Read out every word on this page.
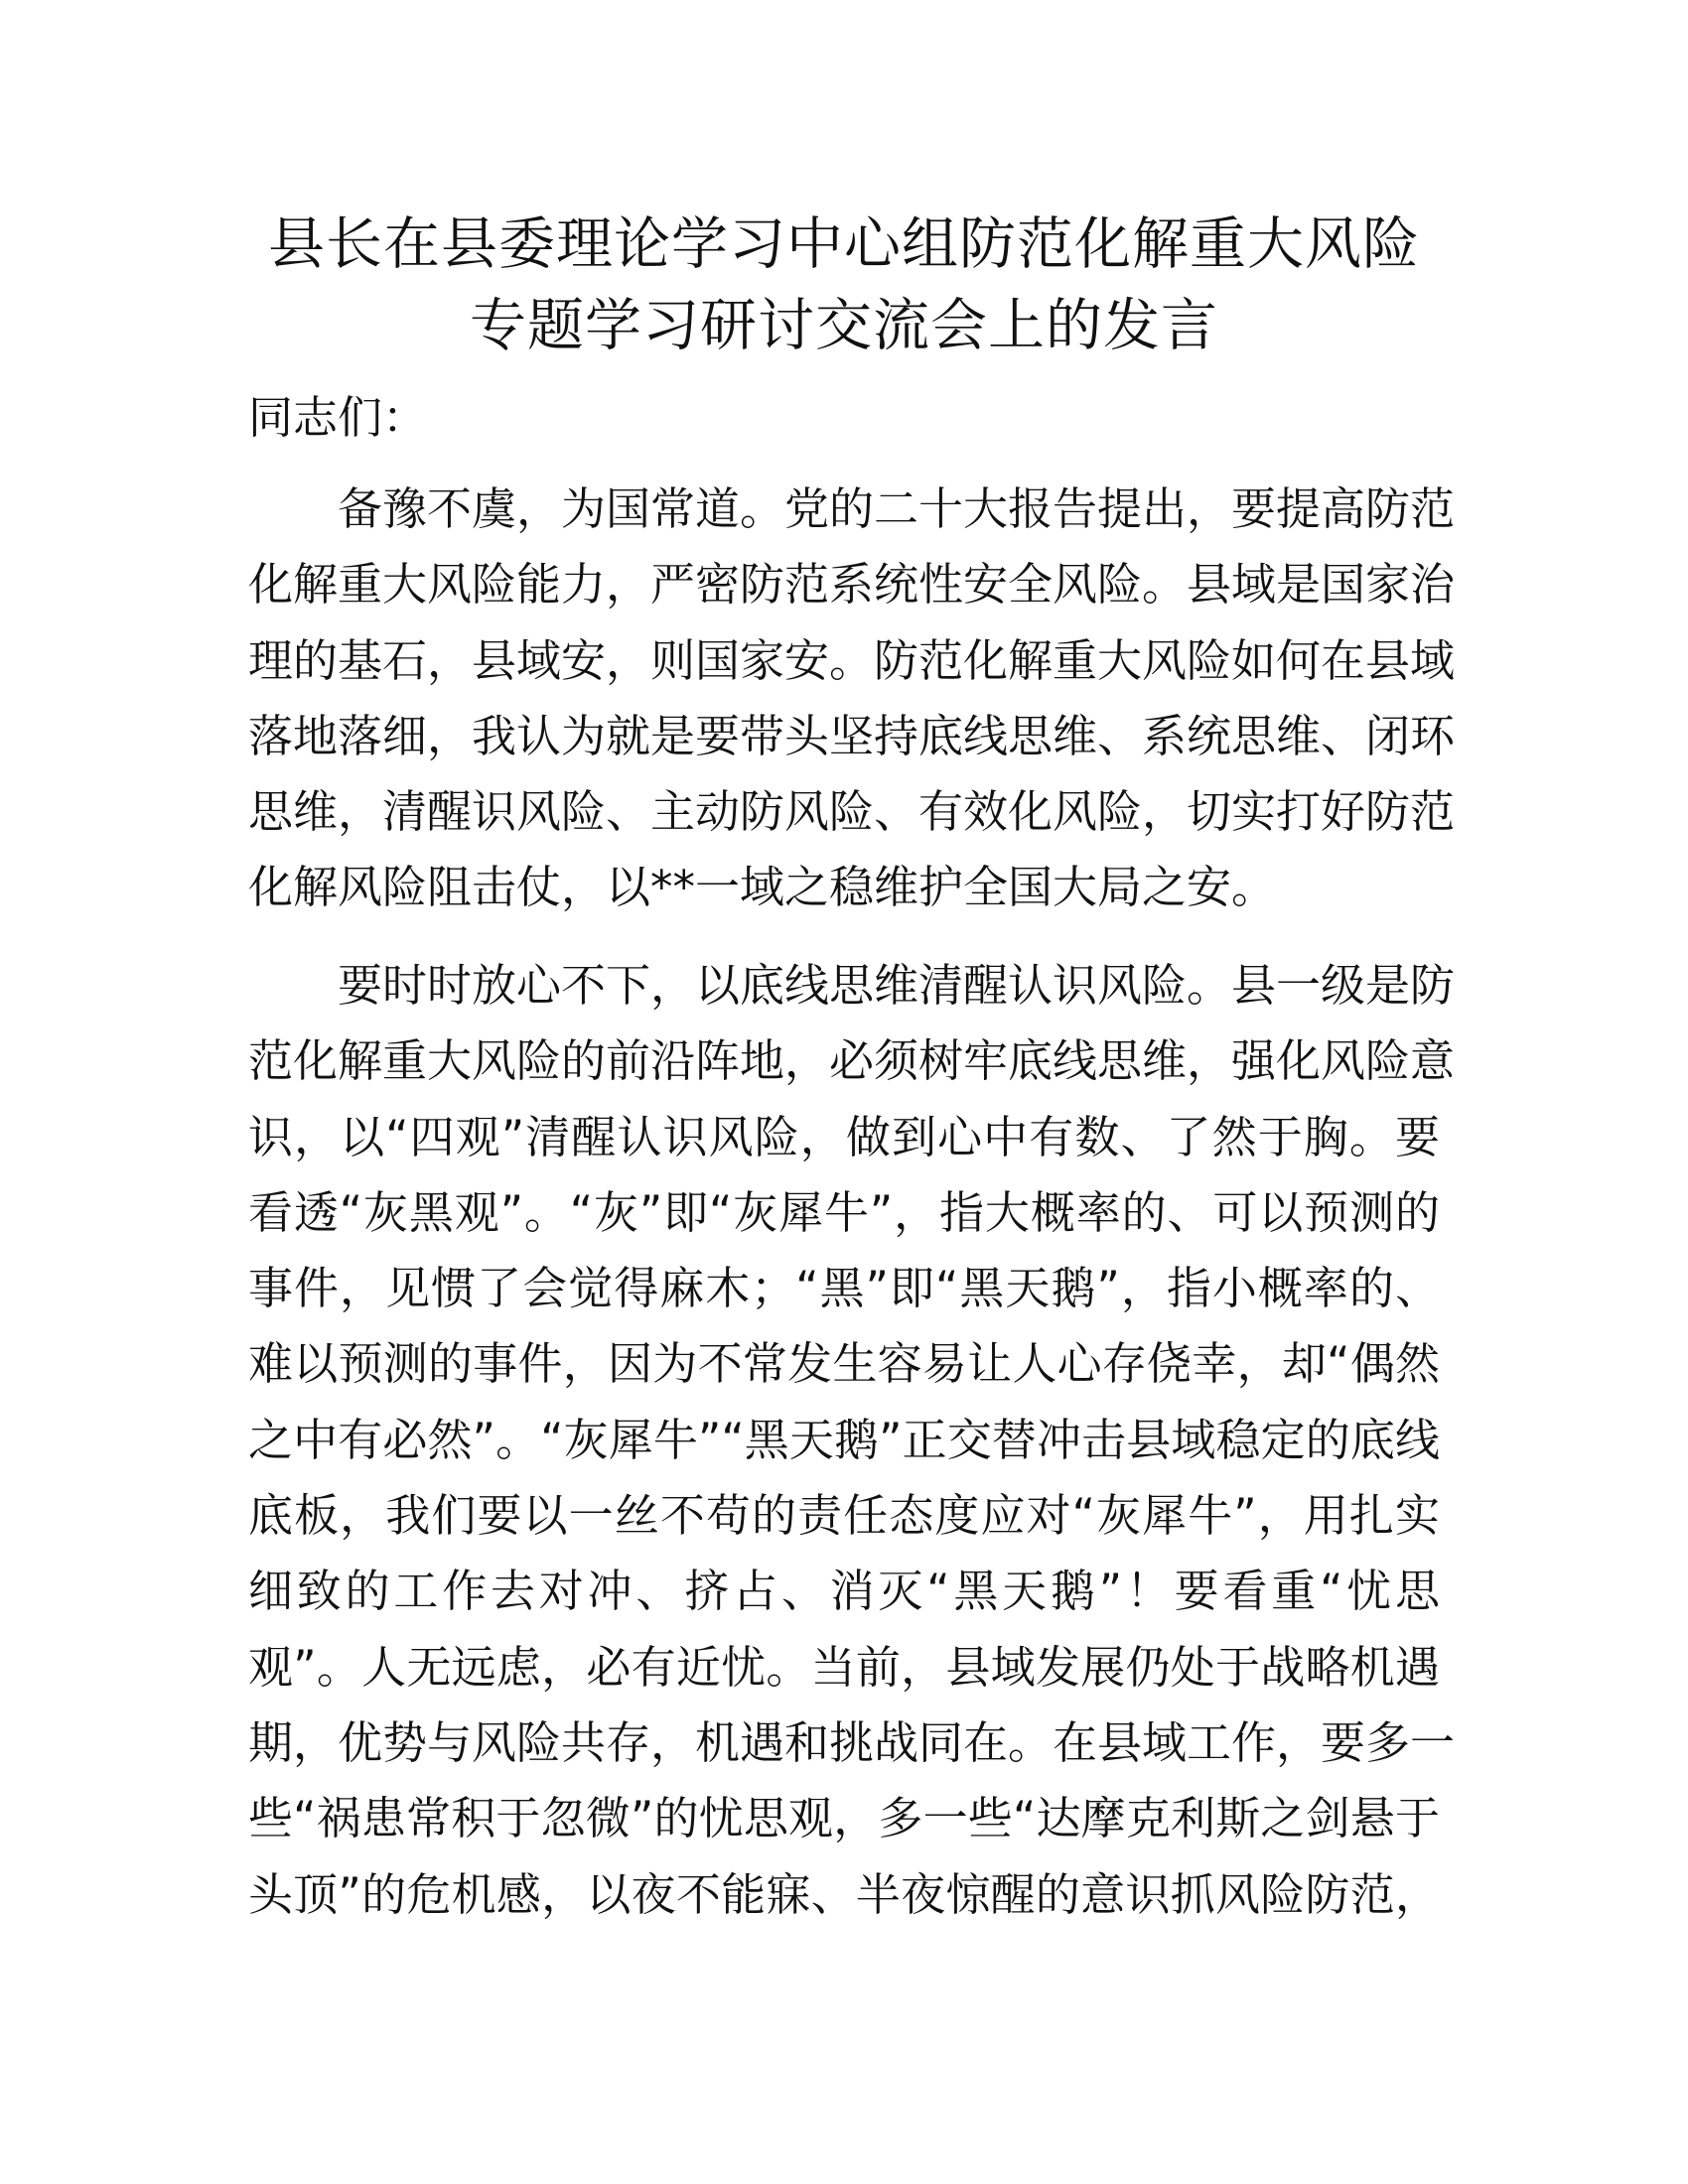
县长在县委理论学习中心组防范化解重大风险
专题学习研讨交流会上的发言

同志们：

备豫不虞，为国常道。党的二十大报告提出，要提高防范
化解重大风险能力，严密防范系统性安全风险。县域是国家治
理的基石，县域安，则国家安。防范化解重大风险如何在县域
落地落细，我认为就是要带头坚持底线思维、系统思维、闭环
思维，清醒识风险、主动防风险、有效化风险，切实打好防范
化解风险阻击仗，以**一域之稳维护全国大局之安。
要时时放心不下，以底线思维清醒认识风险。县一级是防
范化解重大风险的前沿阵地，必须树牢底线思维，强化风险意
识，以“四观”清醒认识风险，做到心中有数、了然于胸。要
看透“灰黑观”。“灰”即“灰犀牛”，指大概率的、可以预测的
事件，见惯了会觉得麻木；“黑”即“黑天鹅”，指小概率的、
难以预测的事件，因为不常发生容易让人心存侥幸，却“偶然
之中有必然”。“灰犀牛”“黑天鹅”正交替冲击县域稳定的底线
底板，我们要以一丝不苟的责任态度应对“灰犀牛”，用扎实
细致的工作去对冲、挤占、消灭“黑天鹅”！要看重“忧思
观”。人无远虑，必有近忧。当前，县域发展仍处于战略机遇
期，优势与风险共存，机遇和挑战同在。在县域工作，要多一
些“祸患常积于忽微”的忧思观，多一些“达摩克利斯之剑悬于
头顶”的危机感，以夜不能寐、半夜惊醒的意识抓风险防范，
